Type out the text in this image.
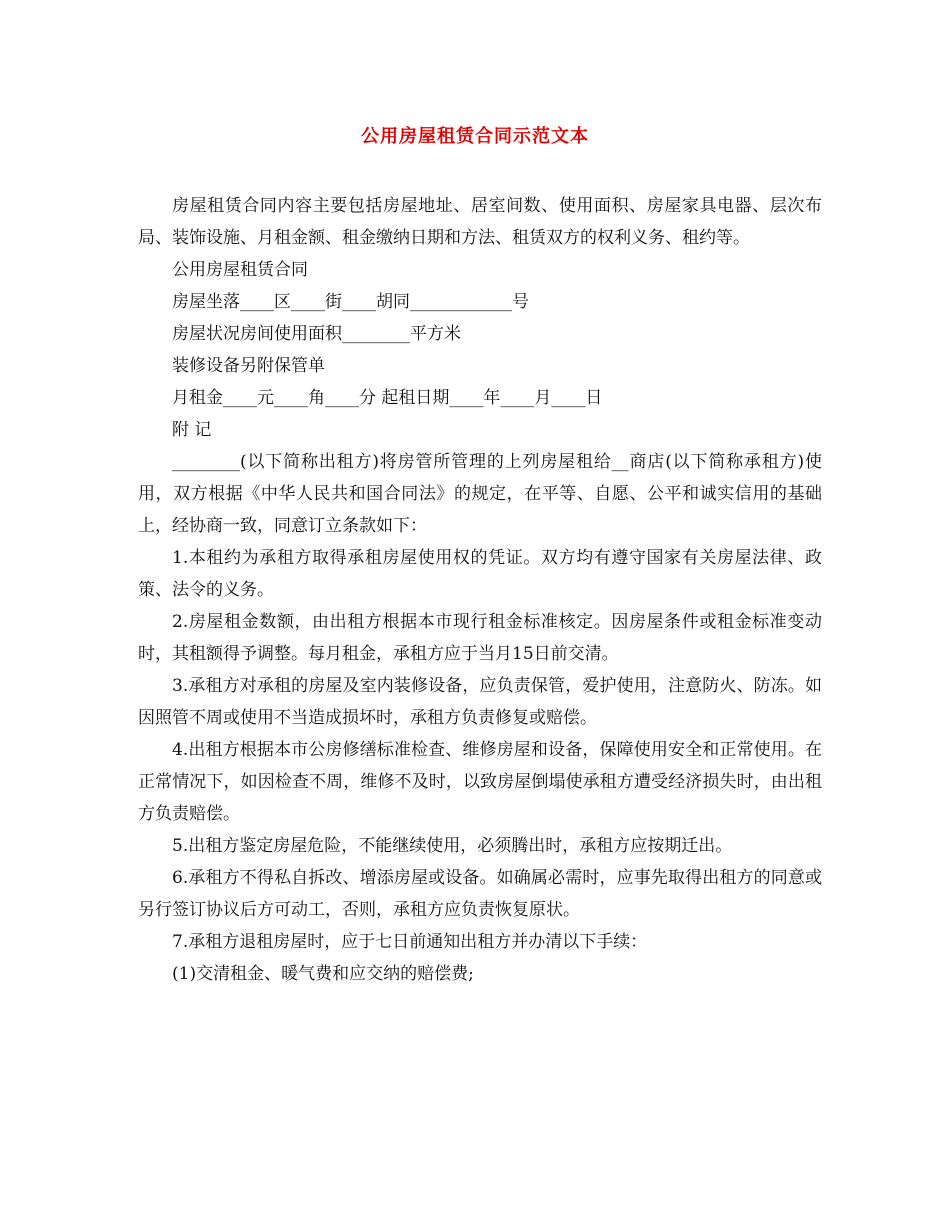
公用房屋租赁合同示范文本

房屋租赁合同内容主要包括房屋地址、居室间数、使用面积、房屋家具电器、层次布局、装饰设施、月租金额、租金缴纳日期和方法、租赁双方的权利义务、租约等。

公用房屋租赁合同

房屋坐落____区____街____胡同____________号

房屋状况房间使用面积________平方米

装修设备另附保管单

月租金____元____角____分 起租日期____年____月____日

附 记

________(以下简称出租方)将房管所管理的上列房屋租给__商店(以下简称承租方)使用，双方根据《中华人民共和国合同法》的规定，在平等、自愿、公平和诚实信用的基础上，经协商一致，同意订立条款如下：

1.本租约为承租方取得承租房屋使用权的凭证。双方均有遵守国家有关房屋法律、政策、法令的义务。

2.房屋租金数额，由出租方根据本市现行租金标准核定。因房屋条件或租金标准变动时，其租额得予调整。每月租金，承租方应于当月15日前交清。

3.承租方对承租的房屋及室内装修设备，应负责保管，爱护使用，注意防火、防冻。如因照管不周或使用不当造成损坏时，承租方负责修复或赔偿。

4.出租方根据本市公房修缮标准检查、维修房屋和设备，保障使用安全和正常使用。在正常情况下，如因检查不周，维修不及时，以致房屋倒塌使承租方遭受经济损失时，由出租方负责赔偿。

5.出租方鉴定房屋危险，不能继续使用，必须腾出时，承租方应按期迁出。

6.承租方不得私自拆改、增添房屋或设备。如确属必需时，应事先取得出租方的同意或另行签订协议后方可动工，否则，承租方应负责恢复原状。

7.承租方退租房屋时，应于七日前通知出租方并办清以下手续：

(1)交清租金、暖气费和应交纳的赔偿费;
